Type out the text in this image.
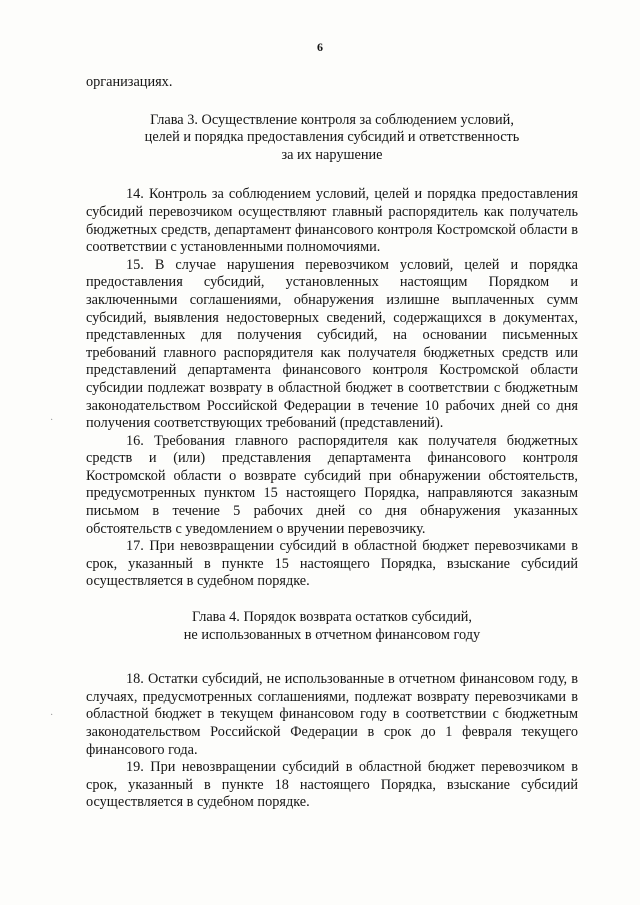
6

организациях.

Глава 3. Осуществление контроля за соблюдением условий,

целей и порядка предоставления субсидий и ответственность

за их нарушение

14. Контроль за соблюдением условий, целей и порядка предоставления субсидий перевозчиком осуществляют главный распорядитель как получатель бюджетных средств, департамент финансового контроля Костромской области в соответствии с установленными полномочиями.

15. В случае нарушения перевозчиком условий, целей и порядка предоставления субсидий, установленных настоящим Порядком и заключенными соглашениями, обнаружения излишне выплаченных сумм субсидий, выявления недостоверных сведений, содержащихся в документах, представленных для получения субсидий, на основании письменных требований главного распорядителя как получателя бюджетных средств или представлений департамента финансового контроля Костромской области субсидии подлежат возврату в областной бюджет в соответствии с бюджетным законодательством Российской Федерации в течение 10 рабочих дней со дня получения соответствующих требований (представлений).

16. Требования главного распорядителя как получателя бюджетных средств и (или) представления департамента финансового контроля Костромской области о возврате субсидий при обнаружении обстоятельств, предусмотренных пунктом 15 настоящего Порядка, направляются заказным письмом в течение 5 рабочих дней со дня обнаружения указанных обстоятельств с уведомлением о вручении перевозчику.

17. При невозвращении субсидий в областной бюджет перевозчиками в срок, указанный в пункте 15 настоящего Порядка, взыскание субсидий осуществляется в судебном порядке.

Глава 4. Порядок возврата остатков субсидий,

не использованных в отчетном финансовом году

18. Остатки субсидий, не использованные в отчетном финансовом году, в случаях, предусмотренных соглашениями, подлежат возврату перевозчиками в областной бюджет в текущем финансовом году в соответствии с бюджетным законодательством Российской Федерации в срок до 1 февраля текущего финансового года.

19. При невозвращении субсидий в областной бюджет перевозчиком в срок, указанный в пункте 18 настоящего Порядка, взыскание субсидий осуществляется в судебном порядке.

·
·
